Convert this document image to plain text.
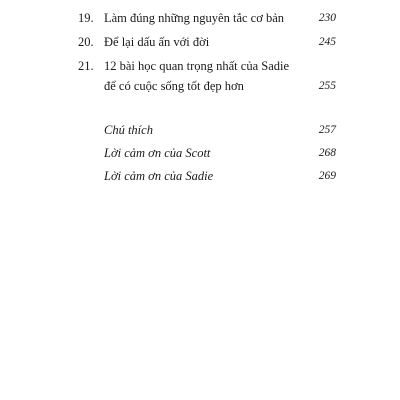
19. Làm đúng những nguyên tắc cơ bản	230
20. Để lại dấu ấn với đời	245
21. 12 bài học quan trọng nhất của Sadie
để có cuộc sống tốt đẹp hơn	255
Chú thích	257
Lời cảm ơn của Scott	268
Lời cảm ơn của Sadie	269
